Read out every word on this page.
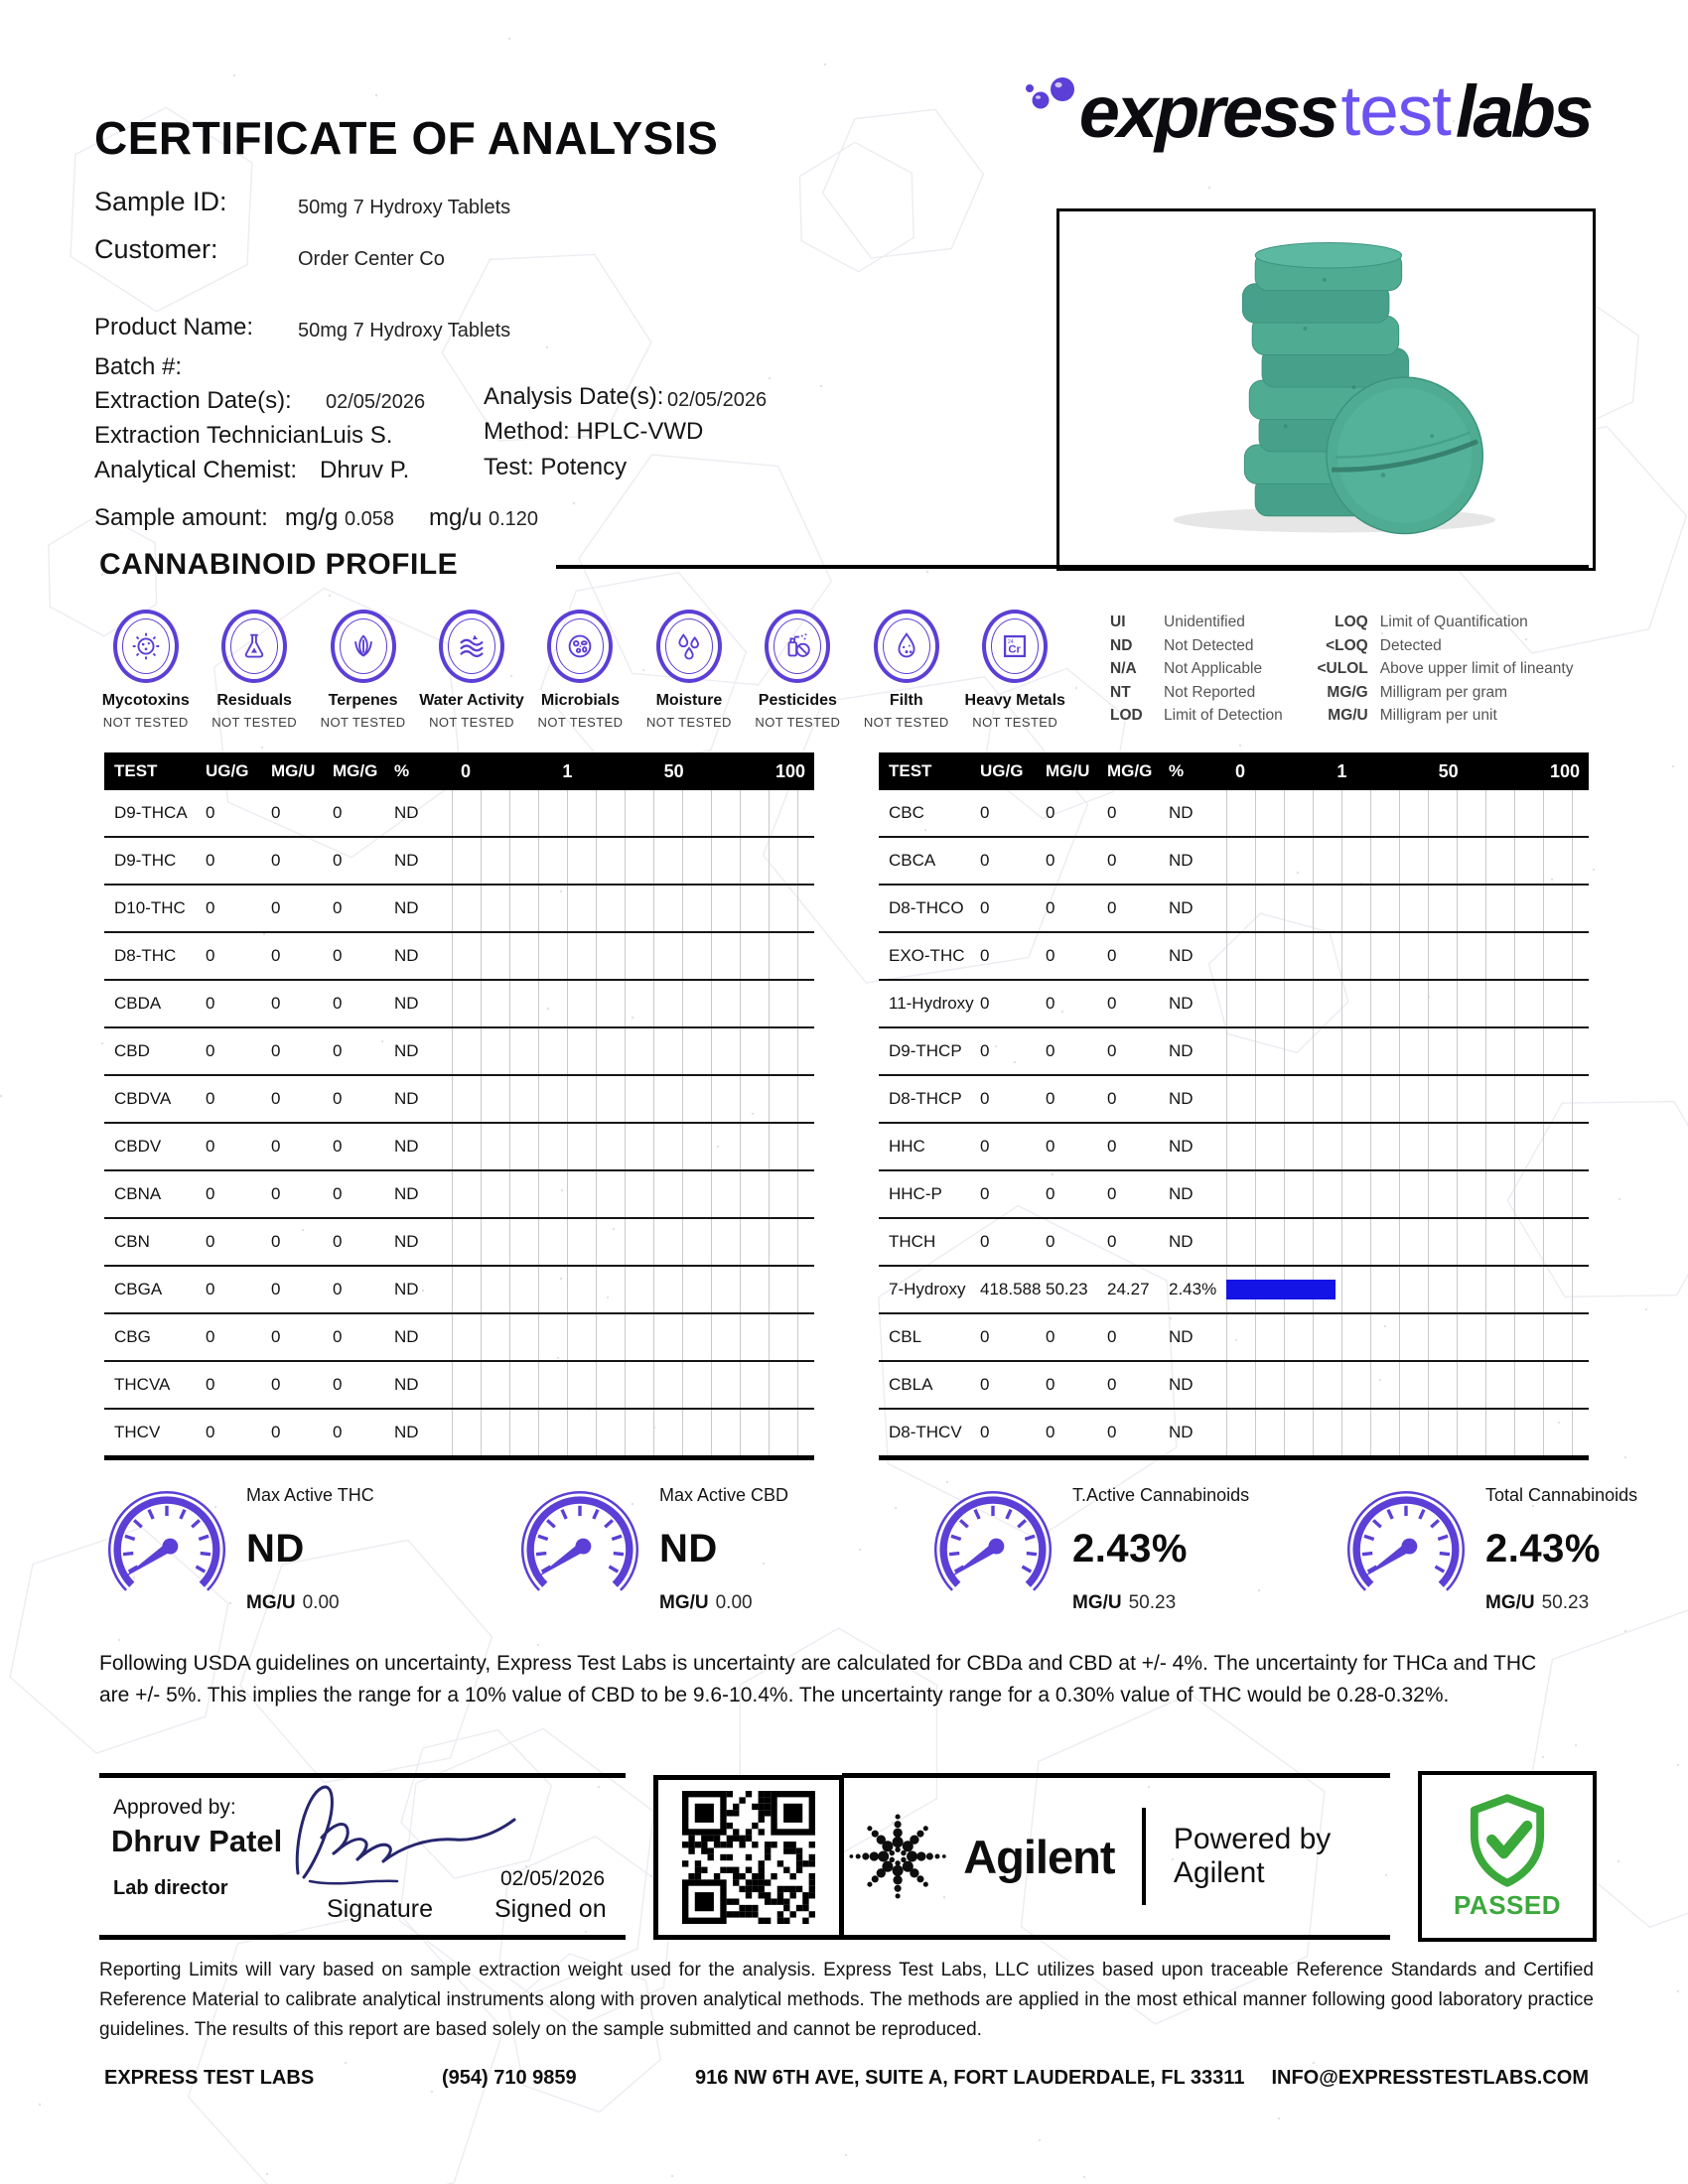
CERTIFICATE OF ANALYSIS	express test labs
Sample ID:	50mg 7 Hydroxy Tablets
Customer:	Order Center Co
Product Name: 50mg 7 Hydroxy Tablets
Batch #:
Extraction Date(s): 02/05/2026 Analysis Date(s): 02/05/2026
Extraction Technician:
Luis S.	Method: HPLC-VWD
Analytical Chemist: Dhruv P.	Test: Potency
Sample amount: mg/g 0.058 mg/u 0.120
CANNABINOID PROFILE
Mycotoxins
NOT TESTED
Residuals
NOT TESTED
Terpenes
NOT TESTED
Water Activity
NOT TESTED
Microbials
NOT TESTED
Moisture
NOT TESTED
Pesticides
NOT TESTED
Filth
NOT TESTED
Cr
24
Heavy Metals
NOT TESTED
UI	Unidentified
ND	Not Detected
N/A	Not Applicable
NT	Not Reported
LOD	Limit of Detection
LOQ Limit of Quantification
<LOQ Detected
<ULOL Above upper limit of lineanty
MG/G Milligram per gram
MG/U Milligram per unit
TEST	UG/G	MG/U	MG/G %	0	1	50	100
D9-THCA	0	0	0	ND
D9-THC	0	0	0	ND
D10-THC	0	0	0	ND
D8-THC	0	0	0	ND
CBDA	0	0	0	ND
CBD	0	0	0	ND
CBDVA	0	0	0	ND
CBDV	0	0	0	ND
CBNA	0	0	0	ND
CBN	0	0	0	ND
CBGA	0	0	0	ND
CBG	0	0	0	ND
THCVA	0	0	0	ND
THCV	0	0	0	ND
TEST	UG/G	MG/U	MG/G %	0	1	50	100
CBC	0	0	0	ND
CBCA	0	0	0	ND
D8-THCO 0	0	0	ND
EXO-THC 0	0	0	ND
11-Hydroxy 0	0	0	ND
D9-THCP	0	0	0	ND
D8-THCP	0	0	0	ND
HHC	0	0	0	ND
HHC-P	0	0	0	ND
THCH	0	0	0	ND
7-Hydroxy 418.588 50.23	24.27	2.43%
CBL	0	0	0	ND
CBLA	0	0	0	ND
D8-THCV	0	0	0	ND
Max Active THC
ND
MG/U 0.00
Max Active CBD
ND
MG/U 0.00
T.Active Cannabinoids
2.43%
MG/U 50.23
Total Cannabinoids
2.43%
MG/U 50.23

Following USDA guidelines on uncertainty, Express Test Labs is uncertainty are calculated for CBDa and CBD at +/- 4%. The uncertainty for THCa and THC are +/- 5%. This implies the range for a 10% value of CBD to be 9.6-10.4%. The uncertainty range for a 0.30% value of THC would be 0.28-0.32%.

Approved by:
Dhruv Patel
Lab director
Signature
02/05/2026
Signed on
Agilent Powered by Agilent
PASSED

Reporting Limits will vary based on sample extraction weight used for the analysis. Express Test Labs, LLC utilizes based upon traceable Reference Standards and Certified Reference Material to calibrate analytical instruments along with proven analytical methods. The methods are applied in the most ethical manner following good laboratory practice guidelines. The results of this report are based solely on the sample submitted and cannot be reproduced.

EXPRESS TEST LABS	(954) 710 9859	916 NW 6TH AVE, SUITE A, FORT LAUDERDALE, FL 33311 INFO@EXPRESSTESTLABS.COM
